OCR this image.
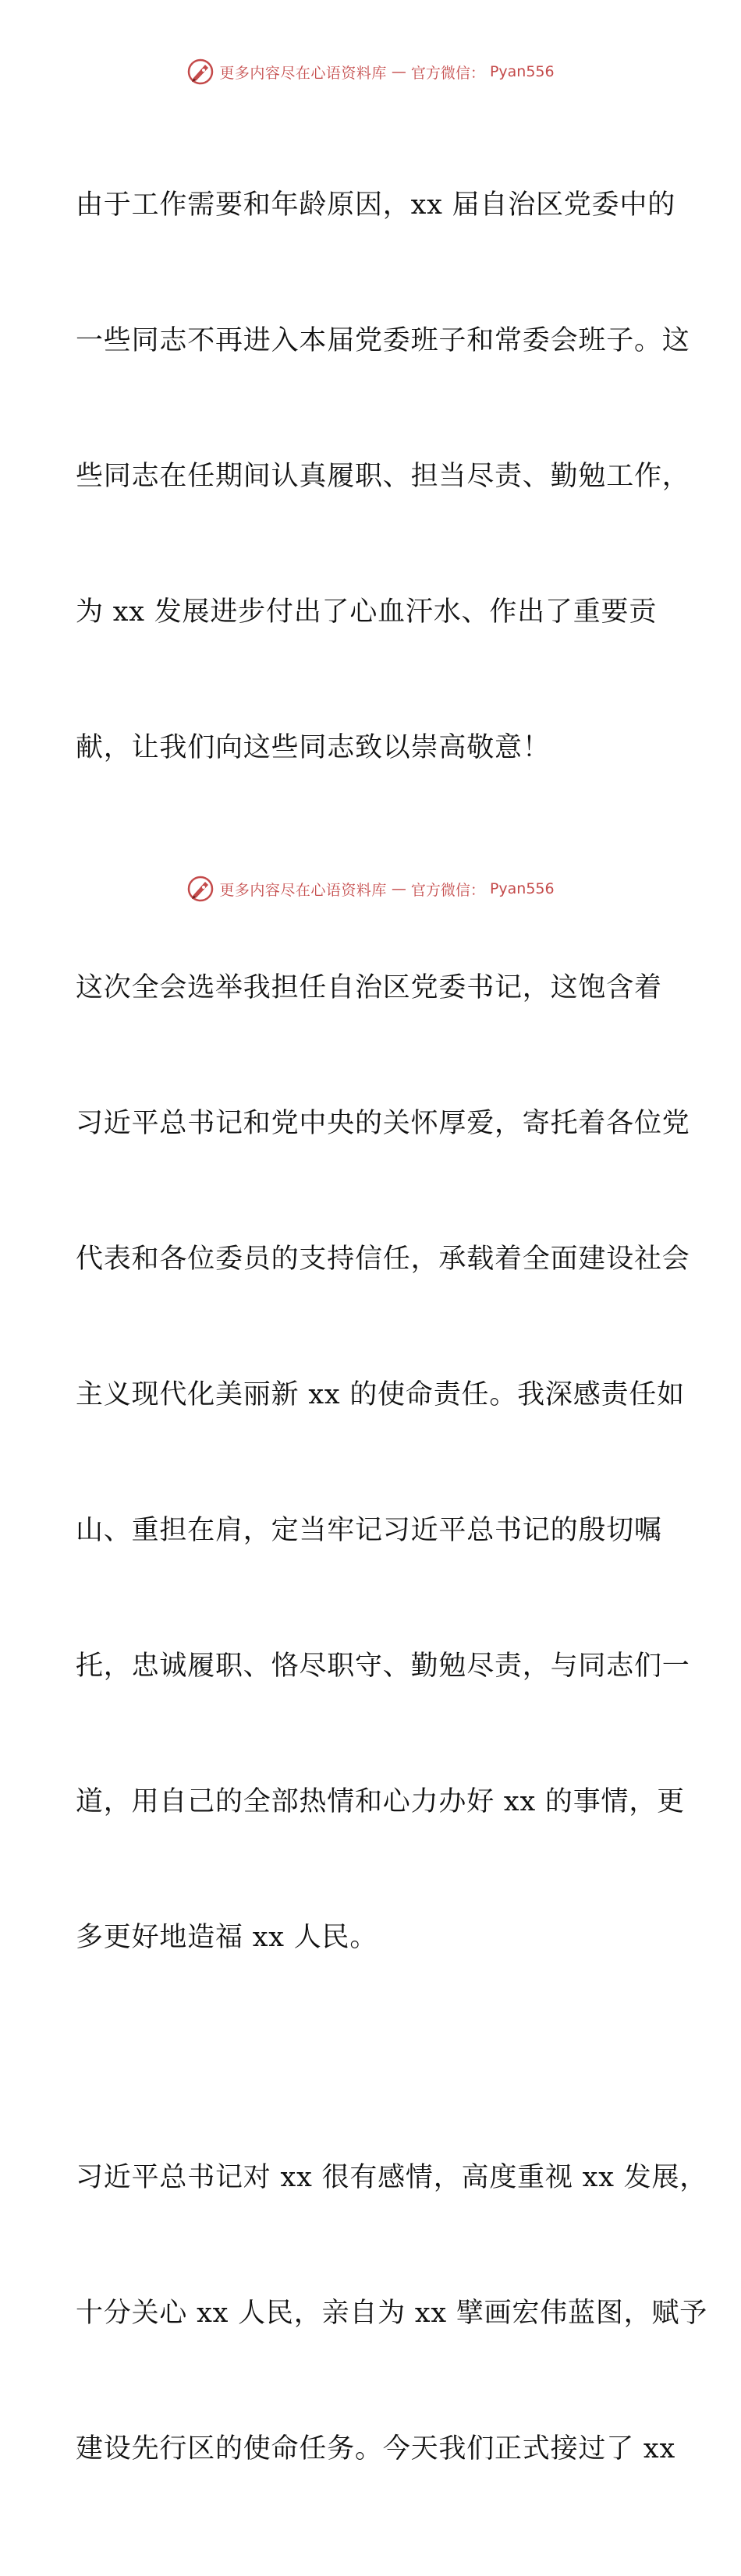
更多内容尽在心语资料库 — 官方微信： Pyan556

由于工作需要和年龄原因，xx 届自治区党委中的

一些同志不再进入本届党委班子和常委会班子。这

些同志在任期间认真履职、担当尽责、勤勉工作，

为 xx 发展进步付出了心血汗水、作出了重要贡

献，让我们向这些同志致以崇高敬意！

这次全会选举我担任自治区党委书记，这饱含着

习近平总书记和党中央的关怀厚爱，寄托着各位党

代表和各位委员的支持信任，承载着全面建设社会

主义现代化美丽新 xx 的使命责任。我深感责任如

山、重担在肩，定当牢记习近平总书记的殷切嘱

托，忠诚履职、恪尽职守、勤勉尽责，与同志们一

道，用自己的全部热情和心力办好 xx 的事情，更

多更好地造福 xx 人民。

习近平总书记对 xx 很有感情，高度重视 xx 发展，

十分关心 xx 人民，亲自为 xx 擘画宏伟蓝图，赋予

建设先行区的使命任务。今天我们正式接过了 xx

更多内容尽在心语资料库 — 官方微信： Pyan556
